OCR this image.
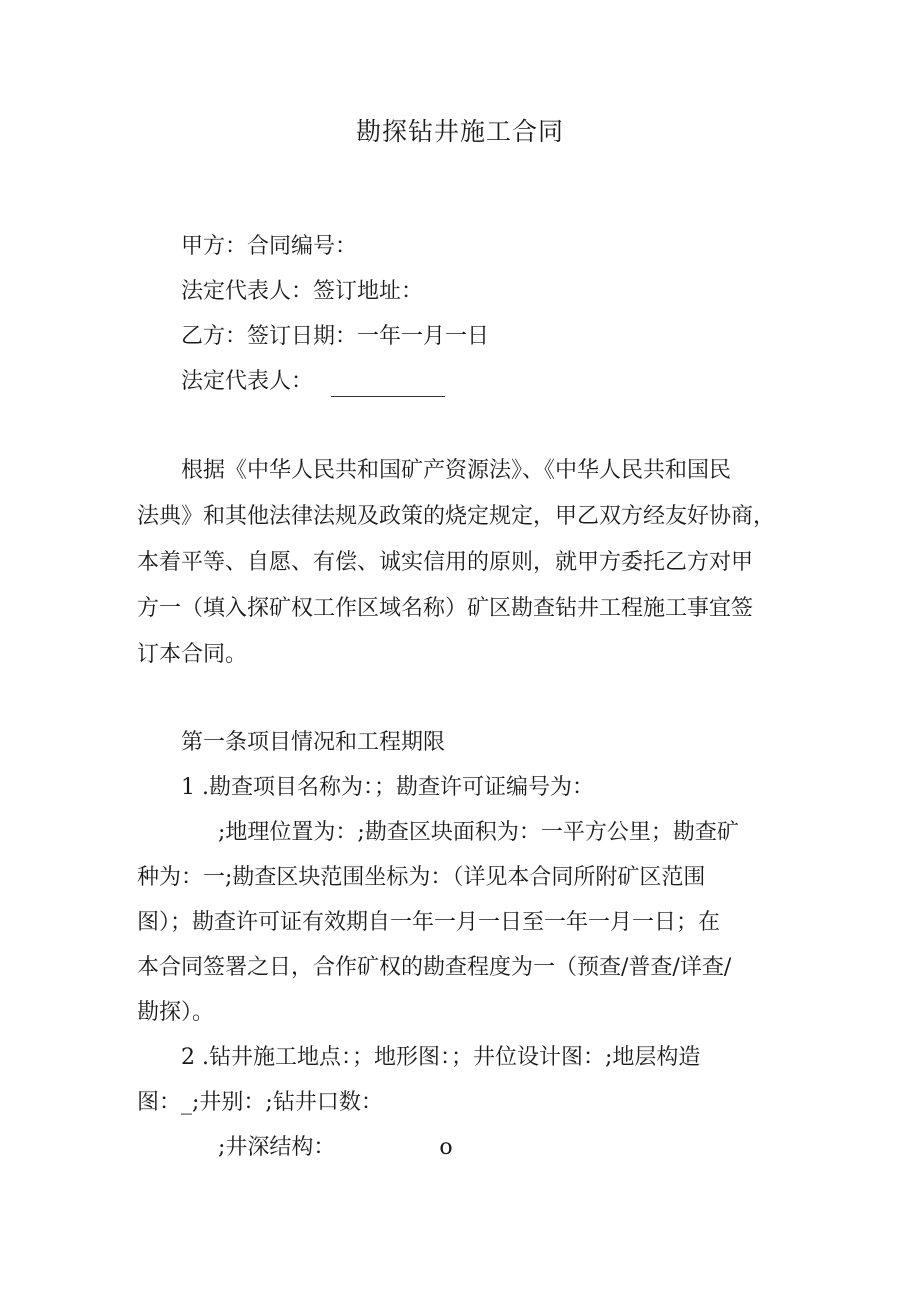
勘探钻井施工合同
甲方：合同编号：
法定代表人：签订地址：
乙方：签订日期：一年一月一日
法定代表人：
根据《中华人民共和国矿产资源法》、《中华人民共和国民
法典》和其他法律法规及政策的烧定规定，甲乙双方经友好协商，
本着平等、自愿、有偿、诚实信用的原则，就甲方委托乙方对甲
方一（填入探矿权工作区域名称）矿区勘查钻井工程施工事宜签
订本合同。
第一条项目情况和工程期限
1 .勘查项目名称为：；勘查许可证编号为：
;地理位置为：;勘查区块面积为：一平方公里；勘查矿
种为：一;勘查区块范围坐标为：（详见本合同所附矿区范围
图）；勘查许可证有效期自一年一月一日至一年一月一日；在
本合同签署之日，合作矿权的勘查程度为一（预查/普查/详查/
勘探）。
2 .钻井施工地点：；地形图：；井位设计图：;地层构造
图：_;井别：;钻井口数：
;井深结构：	o
